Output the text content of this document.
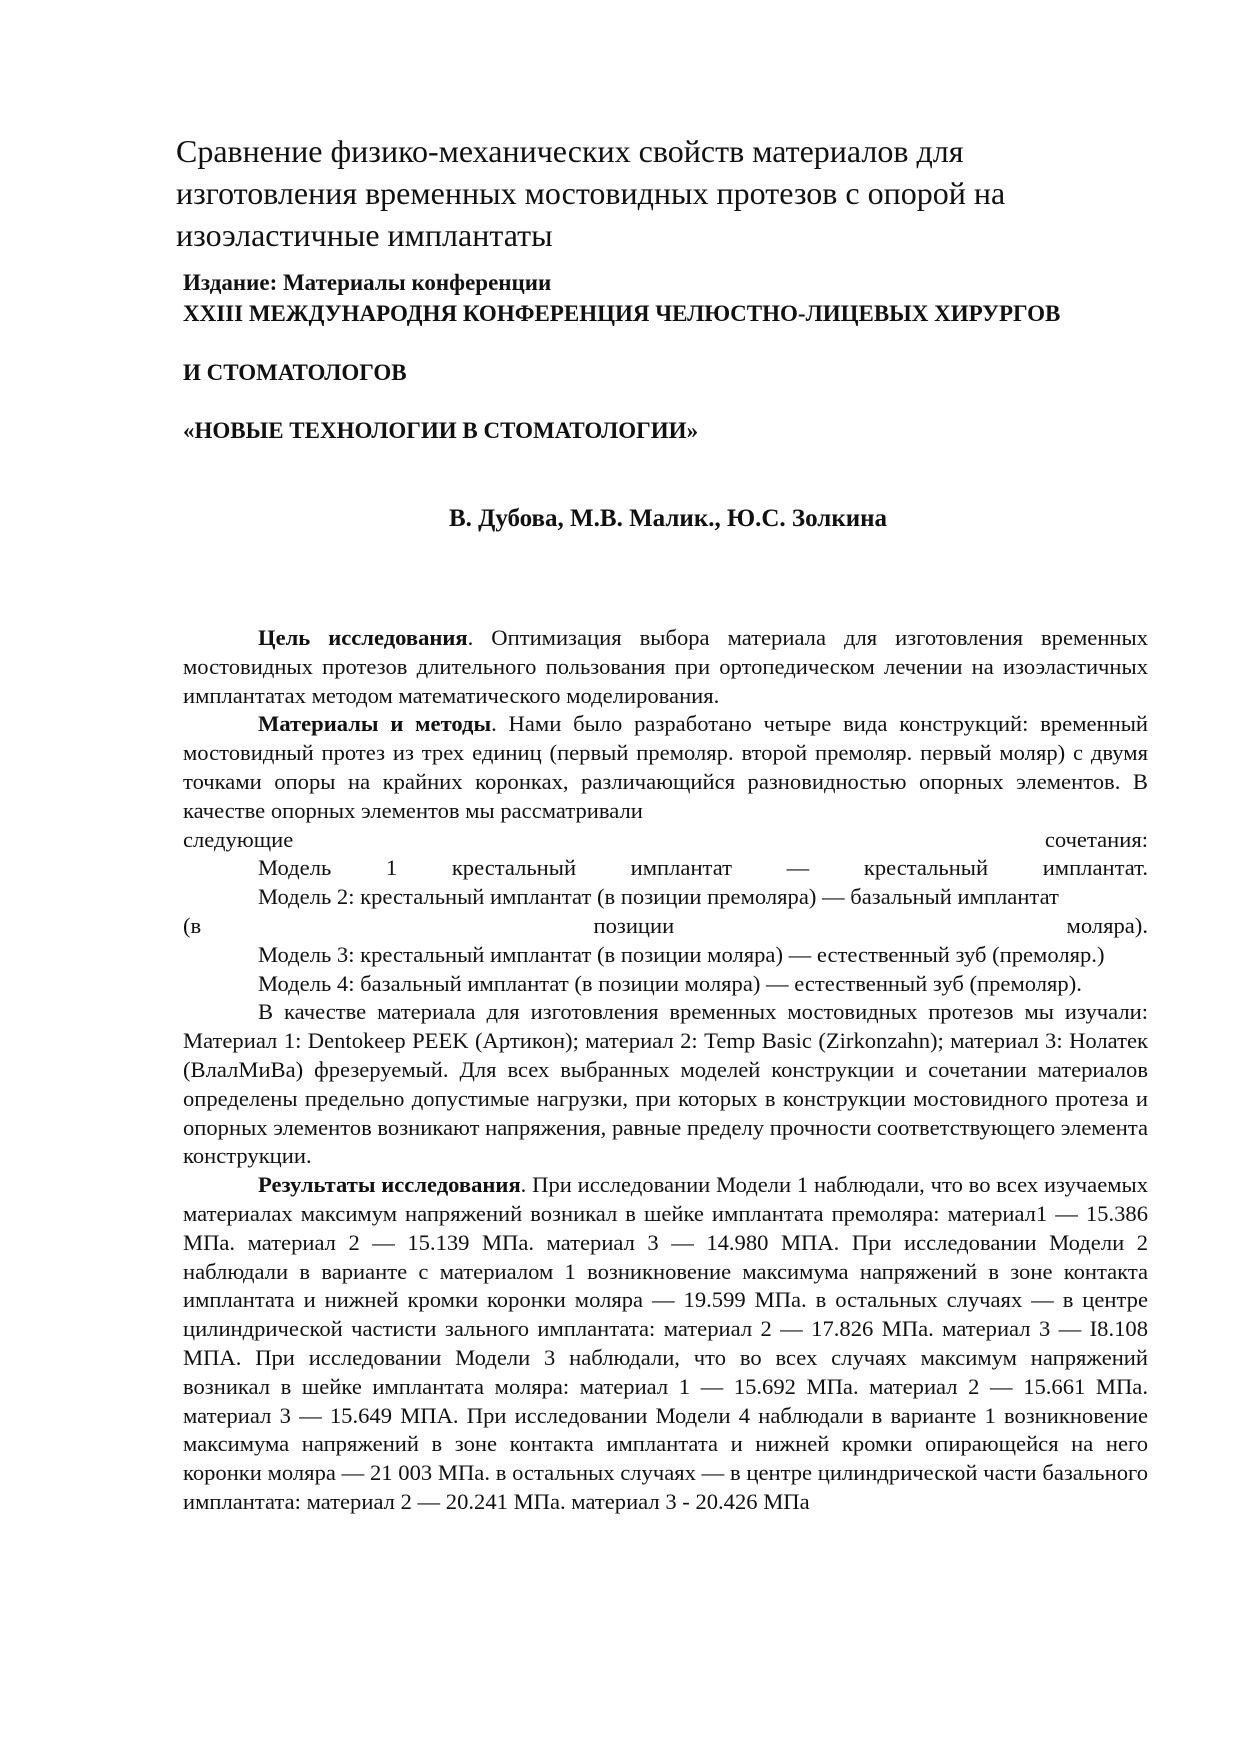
Сравнение физико-механических свойств материалов для
изготовления временных мостовидных протезов с опорой на
изоэластичные имплантаты
Издание: Материалы конференции
XXIII МЕЖДУНАРОДНЯ КОНФЕРЕНЦИЯ ЧЕЛЮСТНО-ЛИЦЕВЫХ ХИРУРГОВ
И СТОМАТОЛОГОВ
«НОВЫЕ ТЕХНОЛОГИИ В СТОМАТОЛОГИИ»
В. Дубова, М.В. Малик., Ю.С. Золкина

Цель исследования. Оптимизация выбора материала для изготовления временных мостовидных протезов длительного пользования при ортопедическом лечении на изоэластичных имплантатах методом математического моделирования.

Материалы и методы. Нами было разработано четыре вида конструкций: временный мостовидный протез из трех единиц (первый премоляр. второй премоляр. первый моляр) с двумя точками опоры на крайних коронках, различающийся разновидностью опорных элементов. В качестве опорных элементов мы рассматривали

следующие	сочетания:
Модель 1 крестальный имплантат — крестальный имплантат.

Модель 2: крестальный имплантат (в позиции премоляра) — базальный имплантат

(в	позиции	моляра).

Модель 3: крестальный имплантат (в позиции моляра) — естественный зуб (премоляр.)

Модель 4: базальный имплантат (в позиции моляра) — естественный зуб (премоляр).

В качестве материала для изготовления временных мостовидных протезов мы изучали: Материал 1: Dentokeep PEEK (Артикон); материал 2: Temp Basic (Zirkonzahn); материал 3: Нолатек (ВлалМиВа) фрезеруемый. Для всех выбранных моделей конструкции и сочетании материалов определены предельно допустимые нагрузки, при которых в конструкции мостовидного протеза и опорных элементов возникают напряжения, равные пределу прочности соответствующего элемента конструкции.

Результаты исследования. При исследовании Модели 1 наблюдали, что во всех изучаемых материалах максимум напряжений возникал в шейке имплантата премоляра: материал1 — 15.386 МПа. материал 2 — 15.139 МПа. материал 3 — 14.980 МПА. При исследовании Модели 2 наблюдали в варианте с материалом 1 возникновение максимума напряжений в зоне контакта имплантата и нижней кромки коронки моляра — 19.599 МПа. в остальных случаях — в центре цилиндрической частисти зального имплантата: материал 2 — 17.826 МПа. материал 3 — I8.108 МПА. При исследовании Модели 3 наблюдали, что во всех случаях максимум напряжений возникал в шейке имплантата моляра: материал 1 — 15.692 МПа. материал 2 — 15.661 МПа. материал 3 — 15.649 МПА. При исследовании Модели 4 наблюдали в варианте 1 возникновение максимума напряжений в зоне контакта имплантата и нижней кромки опирающейся на него коронки моляра — 21 003 МПа. в остальных случаях — в центре цилиндрической части базального имплантата: материал 2 — 20.241 МПа. материал 3 - 20.426 МПа
